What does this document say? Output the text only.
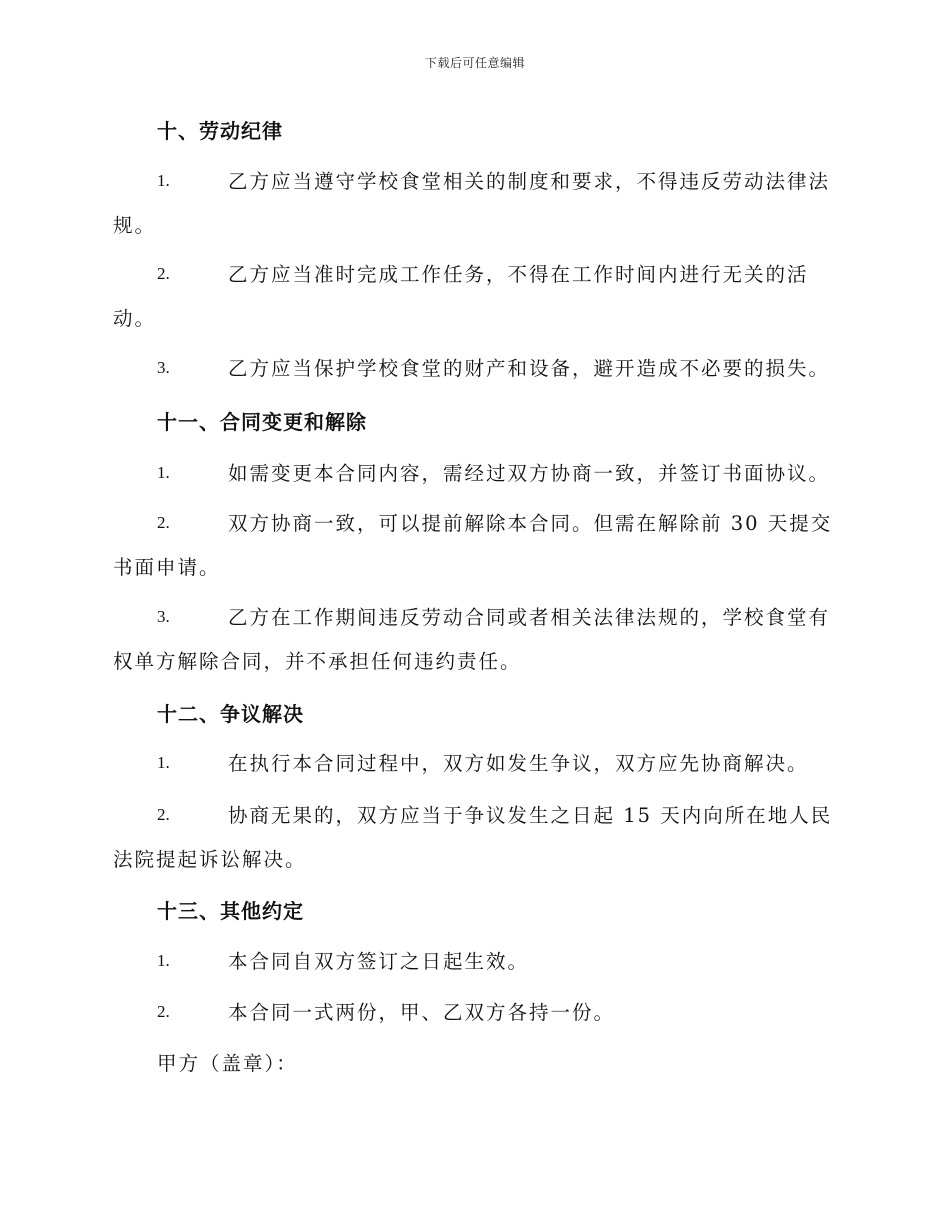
下载后可任意编辑
十、劳动纪律
1.	乙方应当遵守学校食堂相关的制度和要求，不得违反劳动法律法
规。
2.	乙方应当准时完成工作任务，不得在工作时间内进行无关的活
动。
3.	乙方应当保护学校食堂的财产和设备，避开造成不必要的损失。
十一、合同变更和解除
1.	如需变更本合同内容，需经过双方协商一致，并签订书面协议。
2.	双方协商一致，可以提前解除本合同。但需在解除前 30 天提交
书面申请。
3.	乙方在工作期间违反劳动合同或者相关法律法规的，学校食堂有
权单方解除合同，并不承担任何违约责任。
十二、争议解决
1.	在执行本合同过程中，双方如发生争议，双方应先协商解决。
2.	协商无果的，双方应当于争议发生之日起 15 天内向所在地人民
法院提起诉讼解决。
十三、其他约定
1.	本合同自双方签订之日起生效。
2.	本合同一式两份，甲、乙双方各持一份。
甲方（盖章）：
